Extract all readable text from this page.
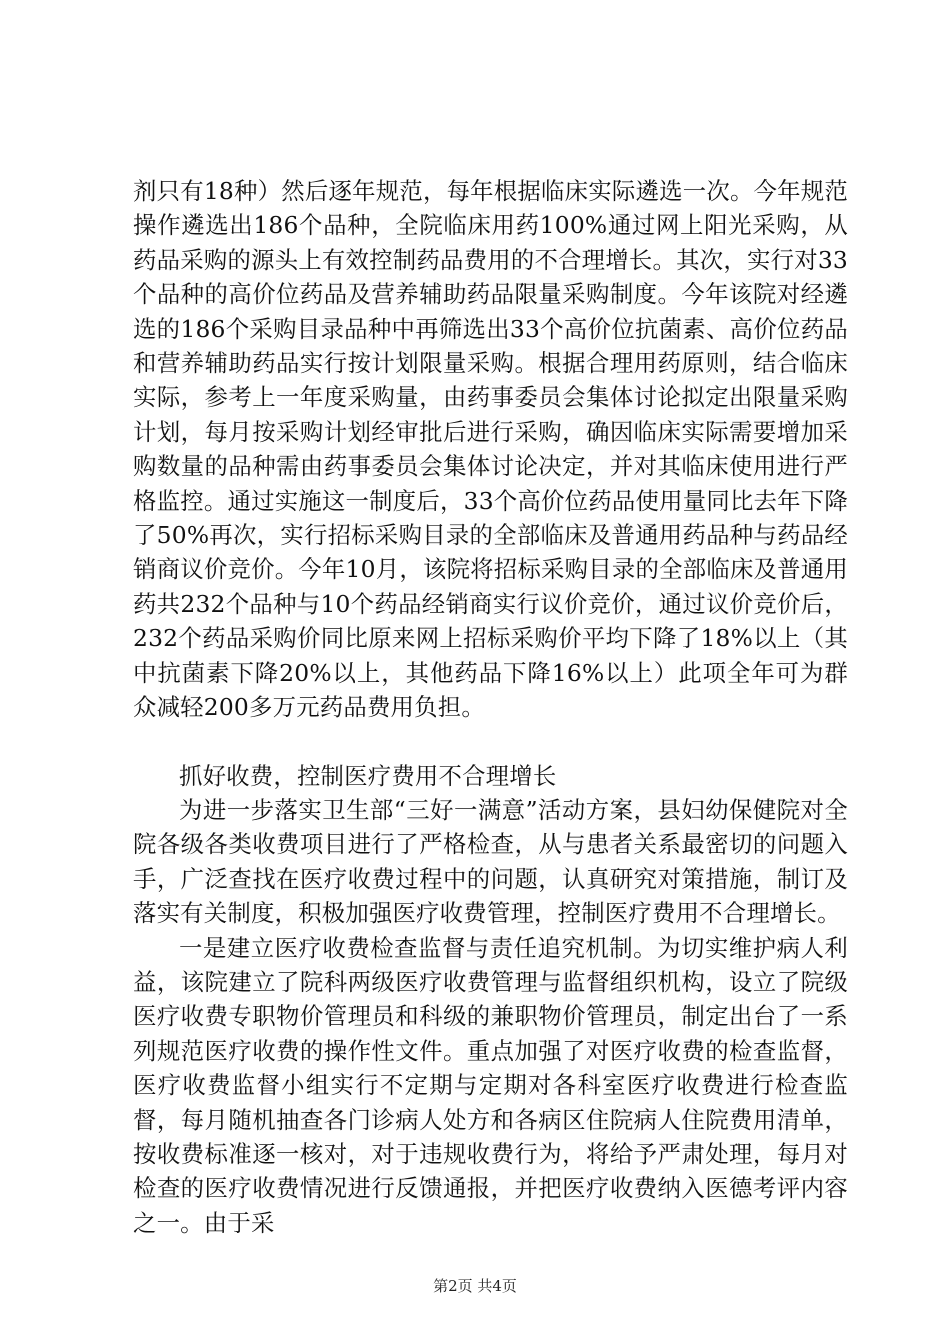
剂只有18种）然后逐年规范，每年根据临床实际遴选一次。今年规范操作遴选出186个品种，全院临床用药100%通过网上阳光采购，从药品采购的源头上有效控制药品费用的不合理增长。其次，实行对33个品种的高价位药品及营养辅助药品限量采购制度。今年该院对经遴选的186个采购目录品种中再筛选出33个高价位抗菌素、高价位药品和营养辅助药品实行按计划限量采购。根据合理用药原则，结合临床实际，参考上一年度采购量，由药事委员会集体讨论拟定出限量采购计划，每月按采购计划经审批后进行采购，确因临床实际需要增加采购数量的品种需由药事委员会集体讨论决定，并对其临床使用进行严格监控。通过实施这一制度后，33个高价位药品使用量同比去年下降了50%再次，实行招标采购目录的全部临床及普通用药品种与药品经销商议价竞价。今年10月，该院将招标采购目录的全部临床及普通用药共232个品种与10个药品经销商实行议价竞价，通过议价竞价后，232个药品采购价同比原来网上招标采购价平均下降了18%以上（其中抗菌素下降20%以上，其他药品下降16%以上）此项全年可为群众减轻200多万元药品费用负担。

抓好收费，控制医疗费用不合理增长

为进一步落实卫生部“三好一满意”活动方案，县妇幼保健院对全院各级各类收费项目进行了严格检查，从与患者关系最密切的问题入手，广泛查找在医疗收费过程中的问题，认真研究对策措施，制订及落实有关制度，积极加强医疗收费管理，控制医疗费用不合理增长。

一是建立医疗收费检查监督与责任追究机制。为切实维护病人利益，该院建立了院科两级医疗收费管理与监督组织机构，设立了院级医疗收费专职物价管理员和科级的兼职物价管理员，制定出台了一系列规范医疗收费的操作性文件。重点加强了对医疗收费的检查监督，医疗收费监督小组实行不定期与定期对各科室医疗收费进行检查监督，每月随机抽查各门诊病人处方和各病区住院病人住院费用清单，按收费标准逐一核对，对于违规收费行为，将给予严肃处理，每月对检查的医疗收费情况进行反馈通报，并把医疗收费纳入医德考评内容之一。由于采

第2页 共4页
